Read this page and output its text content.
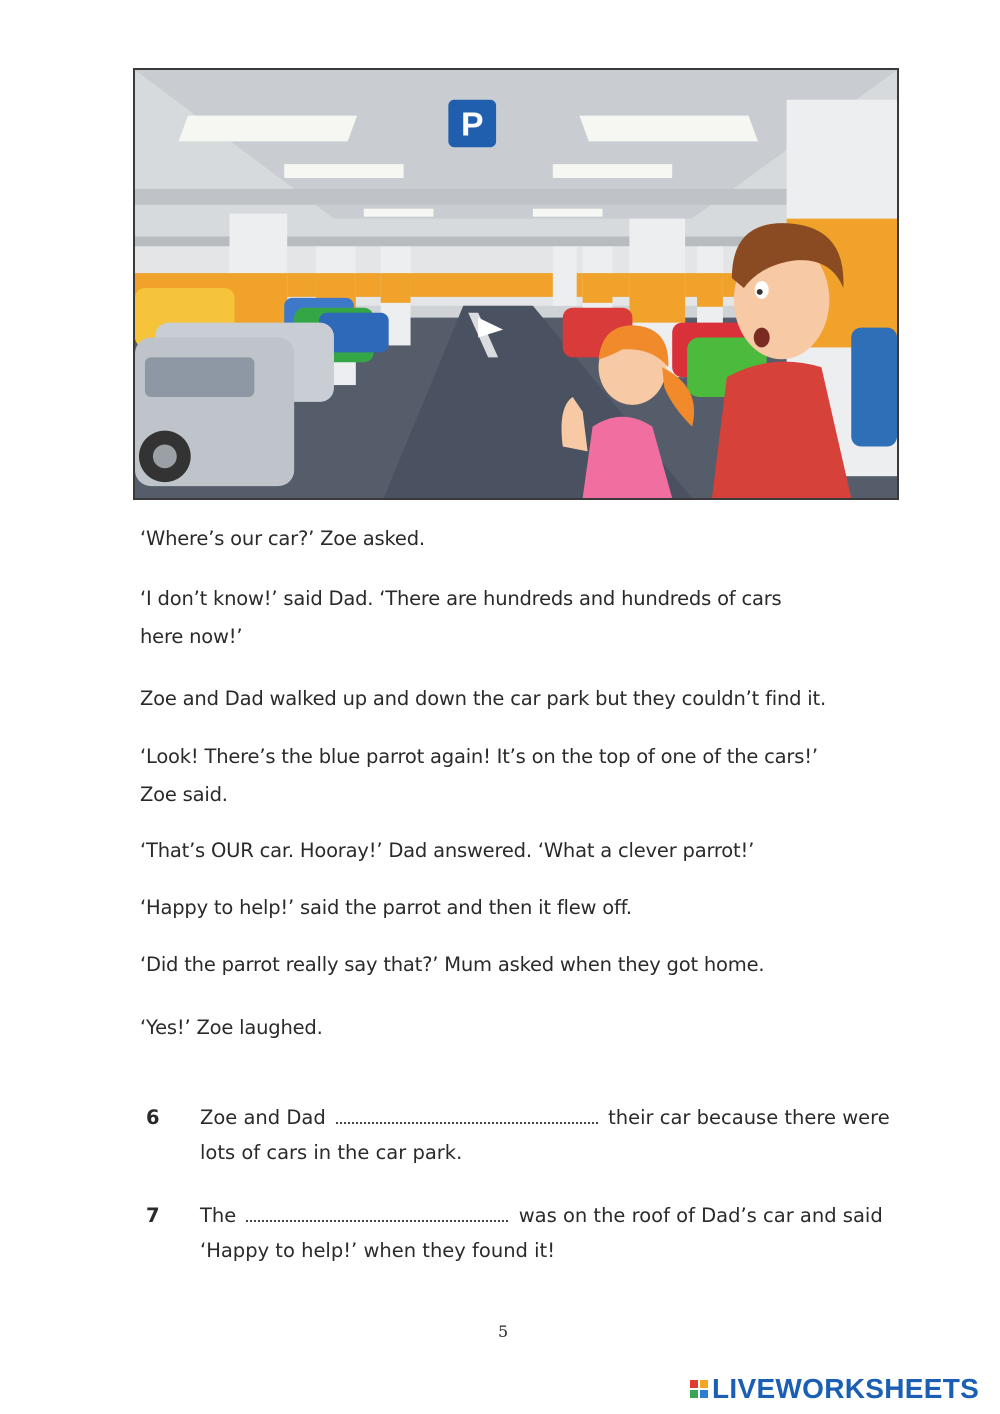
P

‘Where’s our car?’ Zoe asked.

‘I don’t know!’ said Dad. ‘There are hundreds and hundreds of cars

here now!’

Zoe and Dad walked up and down the car park but they couldn’t find it.

‘Look! There’s the blue parrot again! It’s on the top of one of the cars!’

Zoe said.

‘That’s OUR car. Hooray!’ Dad answered. ‘What a clever parrot!’

‘Happy to help!’ said the parrot and then it flew off.

‘Did the parrot really say that?’ Mum asked when they got home.

‘Yes!’ Zoe laughed.

6 Zoe and Dad	their car because there were
lots of cars in the car park.
7 The	was on the roof of Dad’s car and said
‘Happy to help!’ when they found it!
5
LIVEWORKSHEETS
